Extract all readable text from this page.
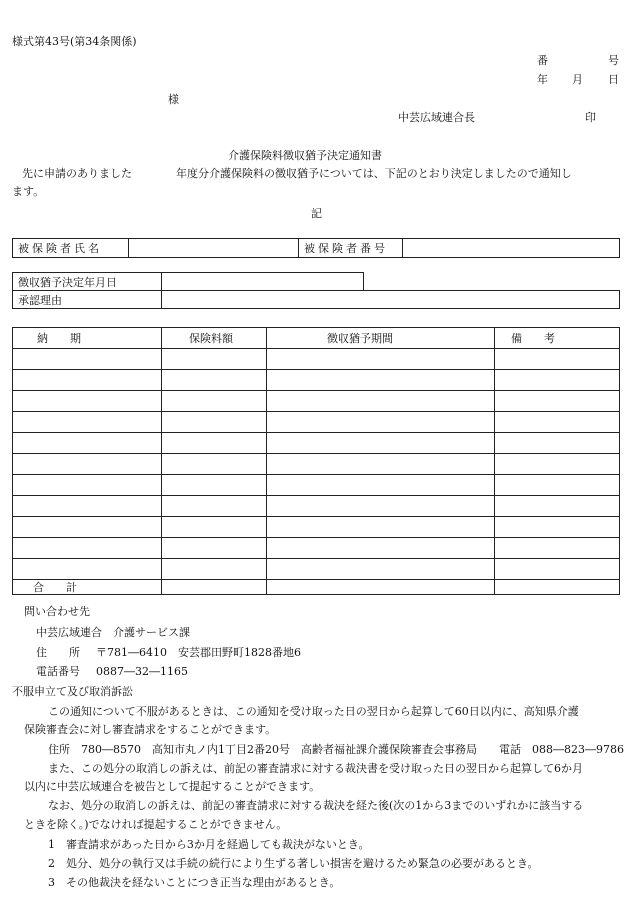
様式第43号(第34条関係)
番	号
年 月 日
様
中芸広域連合長	印
介護保険料徴収猶予決定通知書
先に申請のありました	年度分介護保険料の徴収猶予については、下記のとおり決定しましたので通知し
ます。
記
被保険者氏名	被保険者番号
徴収猶予決定年月日
承認理由
納　　期	保険料額	徴収猶予期間	備　　考
合　　計
問い合わせ先
中芸広域連合　介護サービス課
住　　所 〒781―6410　安芸郡田野町1828番地6
電話番号 0887―32―1165
不服申立て及び取消訴訟
この通知について不服があるときは、この通知を受け取った日の翌日から起算して60日以内に、高知県介護
保険審査会に対し審査請求をすることができます。
住所　780―8570　高知市丸ノ内1丁目2番20号　高齢者福祉課介護保険審査会事務局　　電話　088―823―9786
また、この処分の取消しの訴えは、前記の審査請求に対する裁決書を受け取った日の翌日から起算して6か月
以内に中芸広域連合を被告として提起することができます。
なお、処分の取消しの訴えは、前記の審査請求に対する裁決を経た後(次の1から3までのいずれかに該当する
ときを除く。)でなければ提起することができません。
1　審査請求があった日から3か月を経過しても裁決がないとき。
2　処分、処分の執行又は手続の続行により生ずる著しい損害を避けるため緊急の必要があるとき。
3　その他裁決を経ないことにつき正当な理由があるとき。
